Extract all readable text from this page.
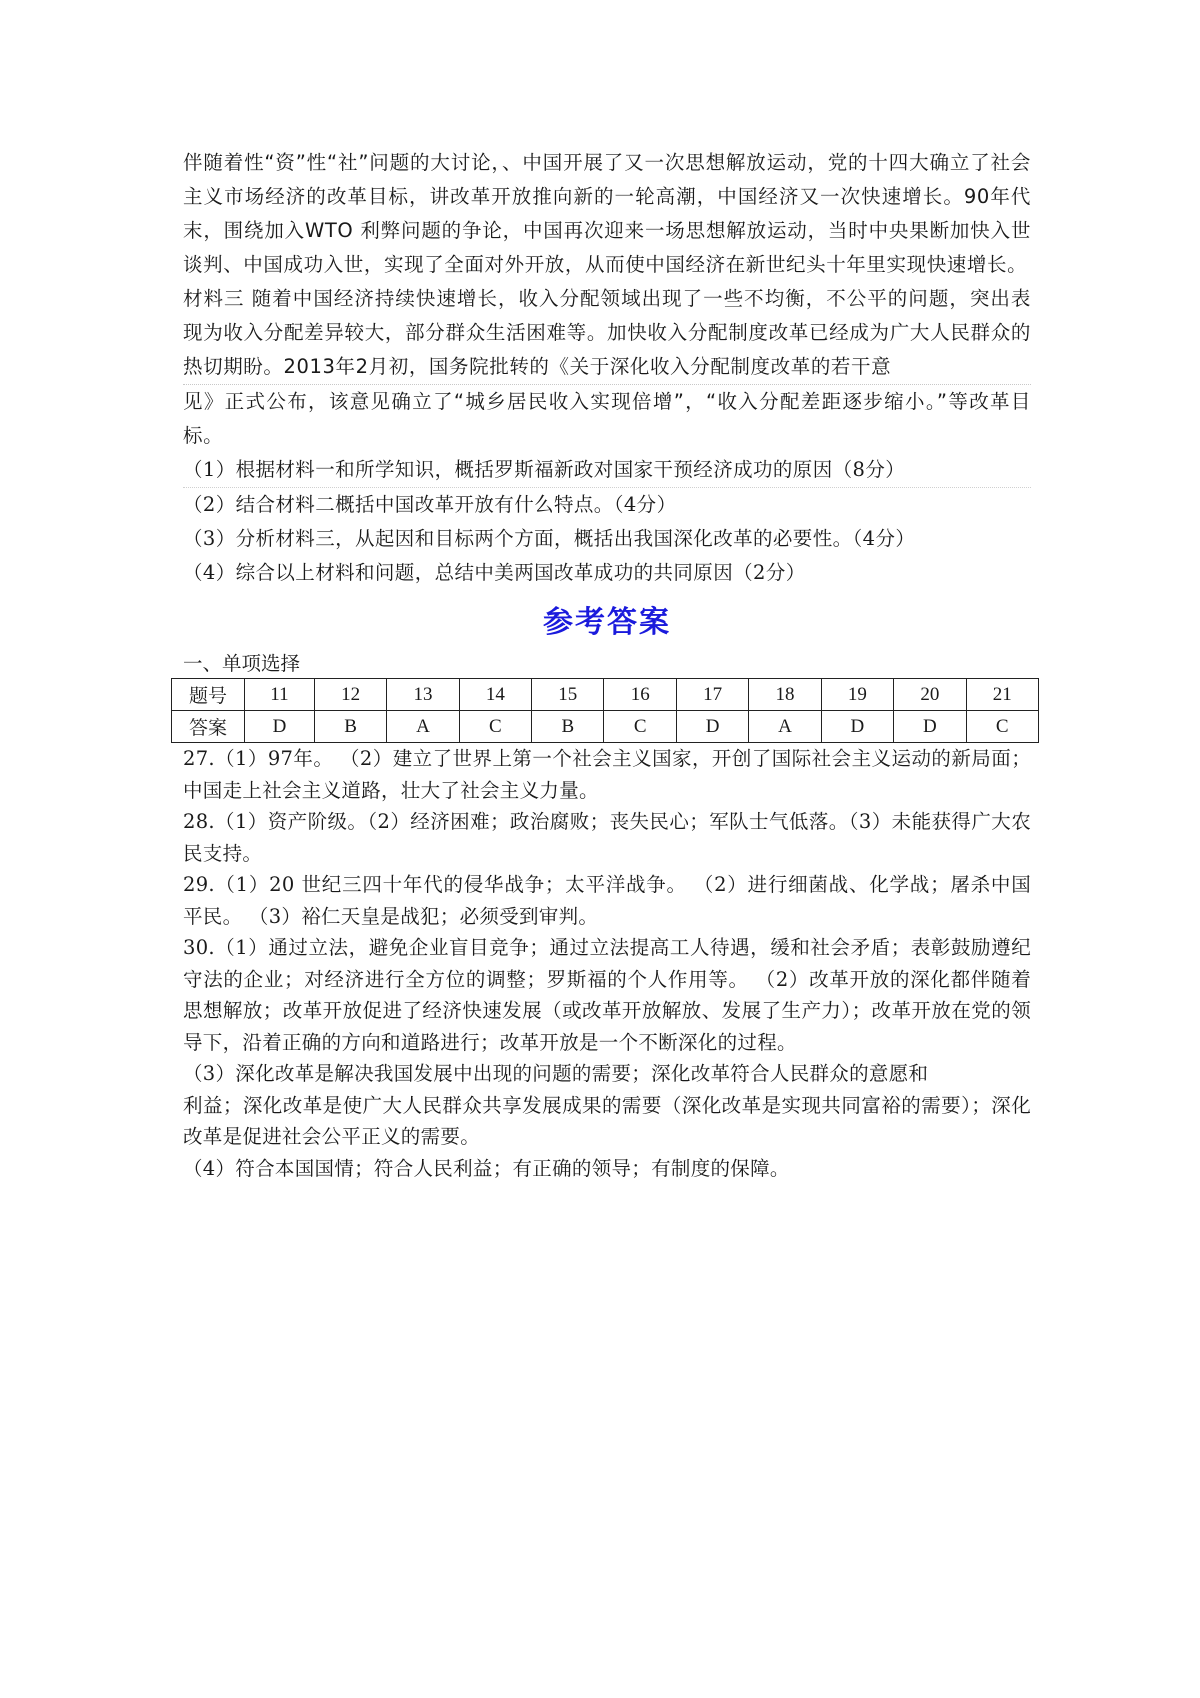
伴随着性“资”性“社”问题的大讨论，、中国开展了又一次思想解放运动，党的十四大确立了社会主义市场经济的改革目标，讲改革开放推向新的一轮高潮，中国经济又一次快速增长。90年代末，围绕加入WTO 利弊问题的争论，中国再次迎来一场思想解放运动，当时中央果断加快入世谈判、中国成功入世，实现了全面对外开放，从而使中国经济在新世纪头十年里实现快速增长。

材料三 随着中国经济持续快速增长，收入分配领域出现了一些不均衡，不公平的问题，突出表现为收入分配差异较大，部分群众生活困难等。加快收入分配制度改革已经成为广大人民群众的热切期盼。2013年2月初，国务院批转的《关于深化收入分配制度改革的若干意

见》正式公布，该意见确立了“城乡居民收入实现倍增”，“收入分配差距逐步缩小。”等改革目标。

（1）根据材料一和所学知识，概括罗斯福新政对国家干预经济成功的原因（8分）

（2）结合材料二概括中国改革开放有什么特点。（4分）

（3）分析材料三，从起因和目标两个方面，概括出我国深化改革的必要性。（4分）

（4）综合以上材料和问题，总结中美两国改革成功的共同原因（2分）

参考答案
一、单项选择
题号	11	12	13	14	15	16	17	18	19	20	21
答案	D	B	A	C	B	C	D	A	D	D	C

27.（1）97年。 （2）建立了世界上第一个社会主义国家，开创了国际社会主义运动的新局面；中国走上社会主义道路，壮大了社会主义力量。

28.（1）资产阶级。（2）经济困难；政治腐败；丧失民心；军队士气低落。（3）未能获得广大农民支持。

29.（1）20 世纪三四十年代的侵华战争；太平洋战争。 （2）进行细菌战、化学战；屠杀中国平民。 （3）裕仁天皇是战犯；必须受到审判。

30.（1）通过立法，避免企业盲目竞争；通过立法提高工人待遇，缓和社会矛盾；表彰鼓励遵纪守法的企业；对经济进行全方位的调整；罗斯福的个人作用等。 （2）改革开放的深化都伴随着思想解放；改革开放促进了经济快速发展（或改革开放解放、发展了生产力）；改革开放在党的领导下，沿着正确的方向和道路进行；改革开放是一个不断深化的过程。

（3）深化改革是解决我国发展中出现的问题的需要；深化改革符合人民群众的意愿和

利益；深化改革是使广大人民群众共享发展成果的需要（深化改革是实现共同富裕的需要）；深化改革是促进社会公平正义的需要。

（4）符合本国国情；符合人民利益；有正确的领导；有制度的保障。
